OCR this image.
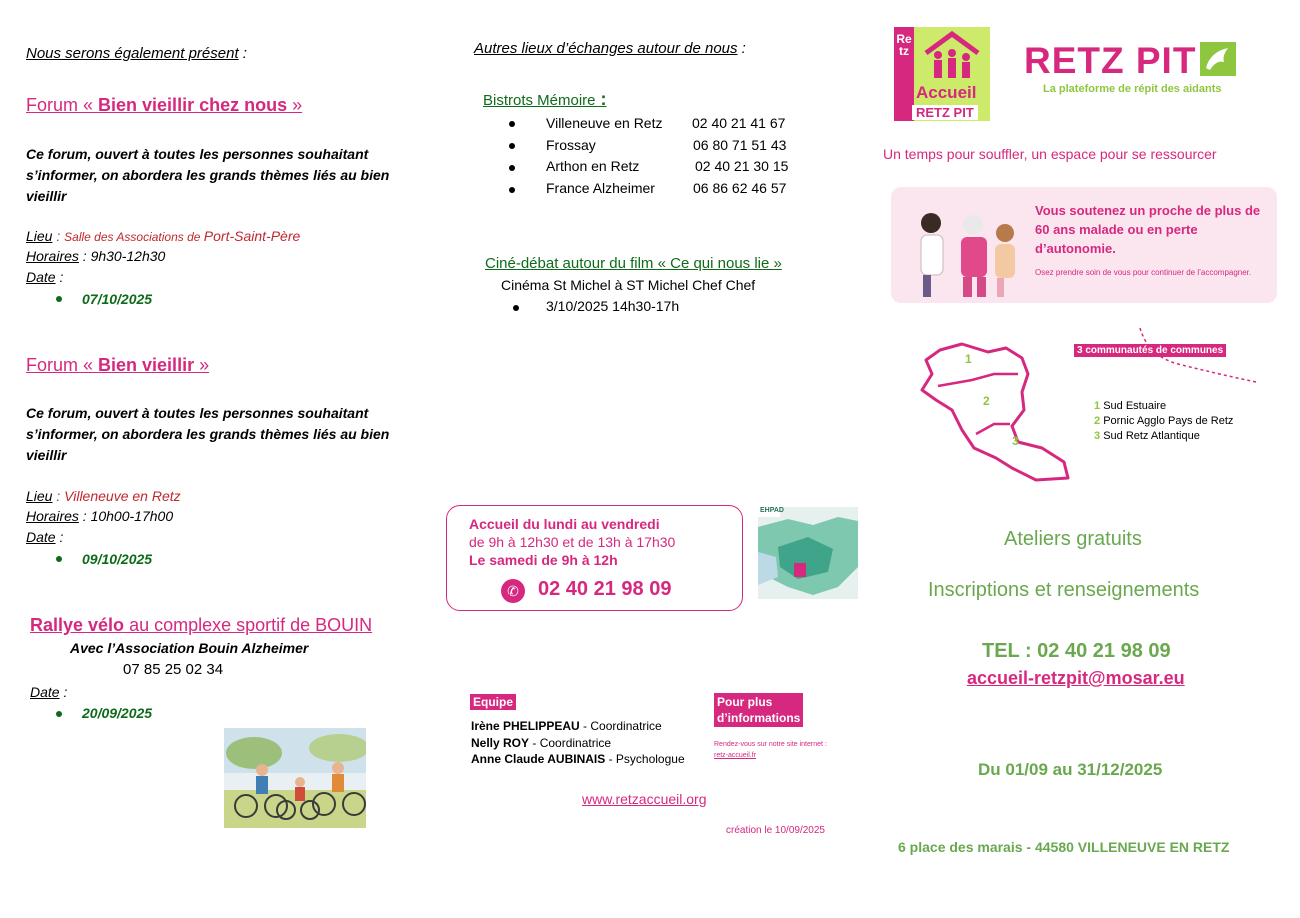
Nous serons également présent :
Forum « Bien vieillir chez nous »
Ce forum, ouvert à toutes les personnes souhaitant s’informer, on abordera les grands thèmes liés au bien vieillir
Lieu : Salle des Associations de Port-Saint-Père
Horaires : 9h30-12h30
Date :
07/10/2025
Forum « Bien vieillir »
Ce forum, ouvert à toutes les personnes souhaitant s’informer, on abordera les grands thèmes liés au bien vieillir
Lieu : Villeneuve en Retz
Horaires : 10h00-17h00
Date :
09/10/2025
Rallye vélo au complexe sportif de BOUIN
Avec l’Association Bouin Alzheimer
07 85 25 02 34
Date :
20/09/2025
Autres lieux d’échanges autour de nous :
Bistrots Mémoire :
Villeneuve en Retz 02 40 21 41 67
Frossay	06 80 71 51 43
Arthon en Retz	02 40 21 30 15
France Alzheimer	06 86 62 46 57
Ciné-débat autour du film « Ce qui nous lie »
Cinéma St Michel à ST Michel Chef Chef
3/10/2025 14h30-17h
Accueil du lundi au vendredi
de 9h à 12h30 et de 13h à 17h30
Le samedi de 9h à 12h
✆ 02 40 21 98 09
EHPAD
Equipe
Irène PHELIPPEAU - Coordinatrice
Nelly ROY - Coordinatrice
Anne Claude AUBINAIS - Psychologue
Pour plus
d’informations
Rendez-vous sur notre site internet :
retz-accueil.fr
www.retzaccueil.org
création le 10/09/2025
Retz
Accueil
RETZ PIT
RETZ PIT
La plateforme de répit des aidants
Un temps pour souffler, un espace pour se ressourcer
Vous soutenez un proche de plus de 60 ans malade ou en perte d’autonomie.
Osez prendre soin de vous pour continuer de l’accompagner.
1
2
3
3 communautés de communes
1 Sud Estuaire
2 Pornic Agglo Pays de Retz
3 Sud Retz Atlantique
Ateliers gratuits
Inscriptions et renseignements
TEL : 02 40 21 98 09
accueil-retzpit@mosar.eu
Du 01/09 au 31/12/2025
6 place des marais - 44580 VILLENEUVE EN RETZ
